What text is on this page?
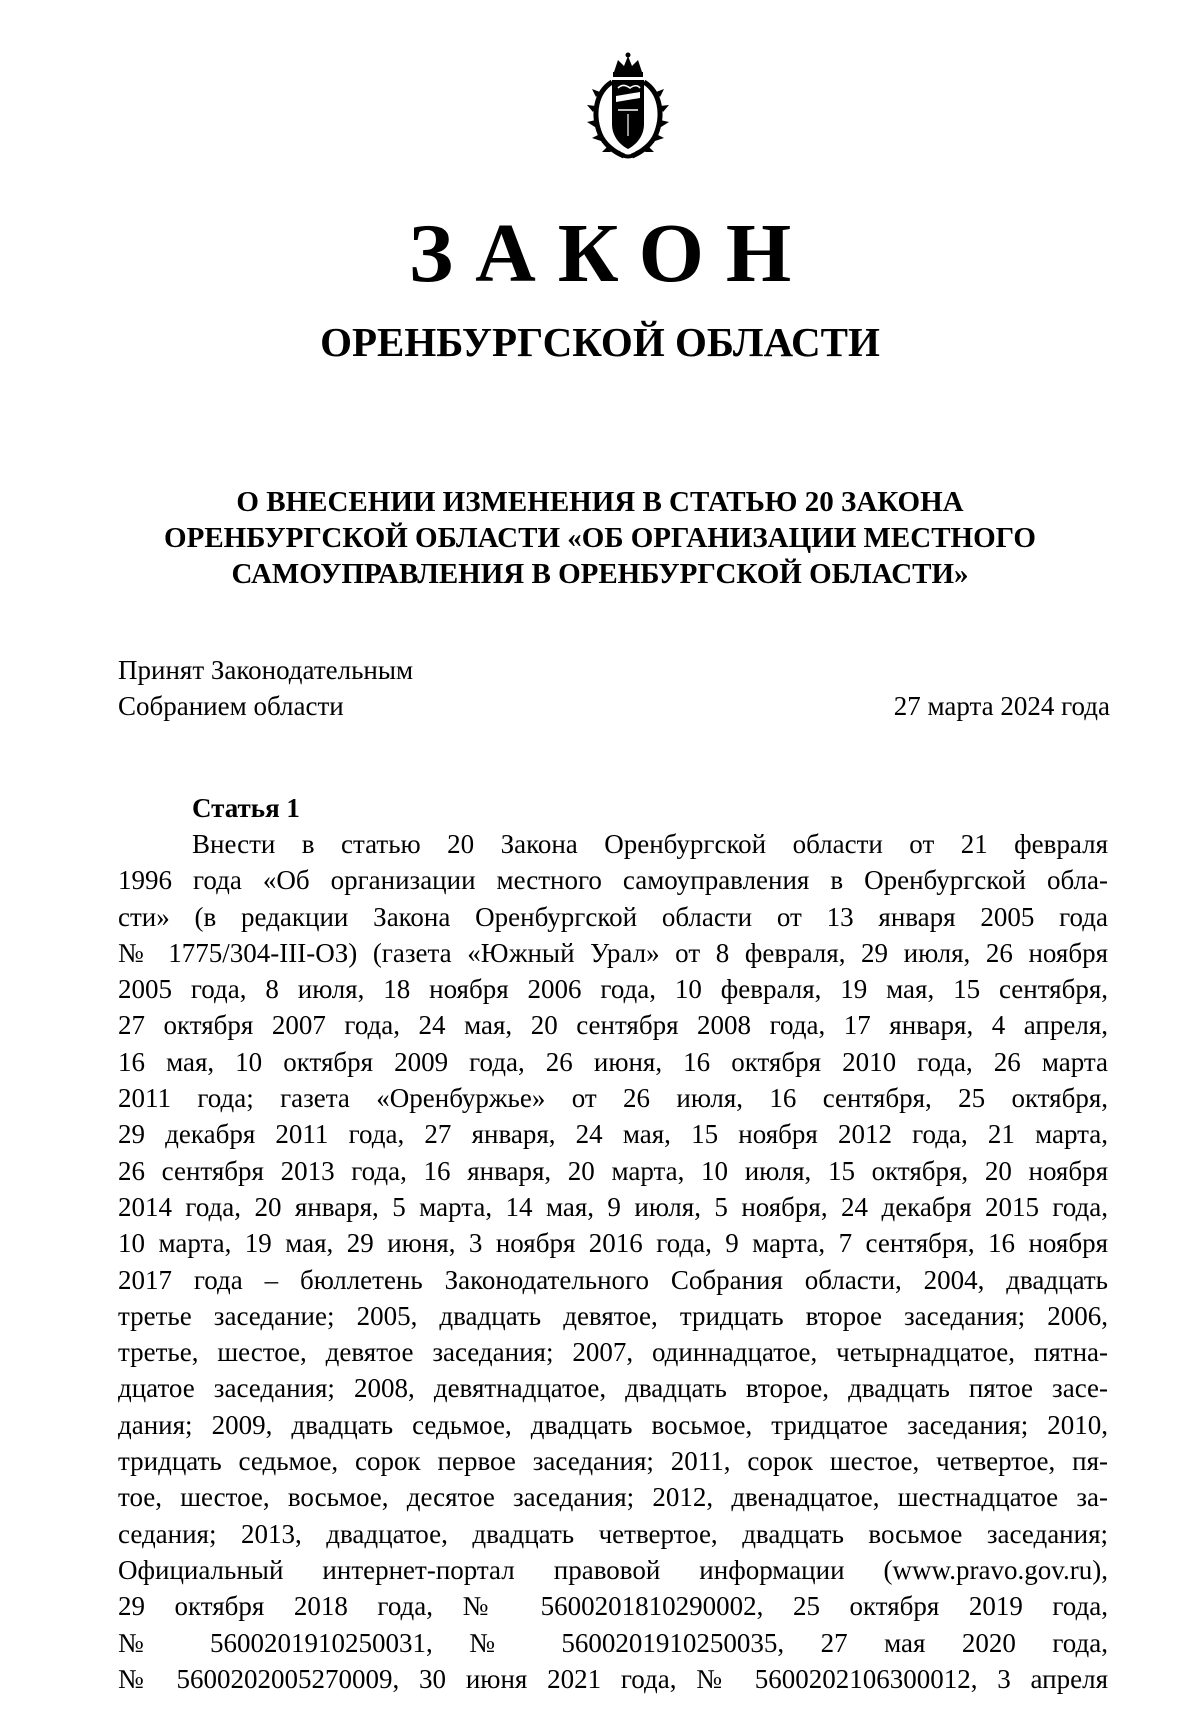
ЗАКОН
ОРЕНБУРГСКОЙ ОБЛАСТИ
О ВНЕСЕНИИ ИЗМЕНЕНИЯ В СТАТЬЮ 20 ЗАКОНА
ОРЕНБУРГСКОЙ ОБЛАСТИ «ОБ ОРГАНИЗАЦИИ МЕСТНОГО
САМОУПРАВЛЕНИЯ В ОРЕНБУРГСКОЙ ОБЛАСТИ»
Принят Законодательным
Собранием области	27 марта 2024 года
Статья 1
Внести в статью 20 Закона Оренбургской области от 21 февраля
1996 года «Об организации местного самоуправления в Оренбургской обла-
сти» (в редакции Закона Оренбургской области от 13 января 2005 года
№ 1775/304-III-ОЗ) (газета «Южный Урал» от 8 февраля, 29 июля, 26 ноября
2005 года, 8 июля, 18 ноября 2006 года, 10 февраля, 19 мая, 15 сентября,
27 октября 2007 года, 24 мая, 20 сентября 2008 года, 17 января, 4 апреля,
16 мая, 10 октября 2009 года, 26 июня, 16 октября 2010 года, 26 марта
2011 года; газета «Оренбуржье» от 26 июля, 16 сентября, 25 октября,
29 декабря 2011 года, 27 января, 24 мая, 15 ноября 2012 года, 21 марта,
26 сентября 2013 года, 16 января, 20 марта, 10 июля, 15 октября, 20 ноября
2014 года, 20 января, 5 марта, 14 мая, 9 июля, 5 ноября, 24 декабря 2015 года,
10 марта, 19 мая, 29 июня, 3 ноября 2016 года, 9 марта, 7 сентября, 16 ноября
2017 года – бюллетень Законодательного Собрания области, 2004, двадцать
третье заседание; 2005, двадцать девятое, тридцать второе заседания; 2006,
третье, шестое, девятое заседания; 2007, одиннадцатое, четырнадцатое, пятна-
дцатое заседания; 2008, девятнадцатое, двадцать второе, двадцать пятое засе-
дания; 2009, двадцать седьмое, двадцать восьмое, тридцатое заседания; 2010,
тридцать седьмое, сорок первое заседания; 2011, сорок шестое, четвертое, пя-
тое, шестое, восьмое, десятое заседания; 2012, двенадцатое, шестнадцатое за-
седания; 2013, двадцатое, двадцать четвертое, двадцать восьмое заседания;
Официальный интернет-портал правовой информации (www.pravo.gov.ru),
29 октября 2018 года, № 5600201810290002, 25 октября 2019 года,
№ 5600201910250031, № 5600201910250035, 27 мая 2020 года,
№ 5600202005270009, 30 июня 2021 года, № 5600202106300012, 3 апреля
